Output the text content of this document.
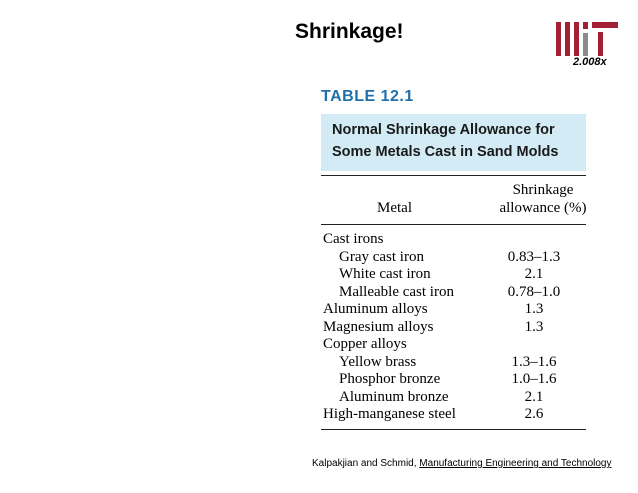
Shrinkage!
2.008x
TABLE 12.1
Normal Shrinkage Allowance for
Some Metals Cast in Sand Molds
Metal
Shrinkage
allowance (%)
Cast irons
Gray cast iron	0.83–1.3
White cast iron	2.1
Malleable cast iron	0.78–1.0
Aluminum alloys	1.3
Magnesium alloys	1.3
Copper alloys
Yellow brass	1.3–1.6
Phosphor bronze	1.0–1.6
Aluminum bronze	2.1
High-manganese steel	2.6
Kalpakjian and Schmid, Manufacturing Engineering and Technology
